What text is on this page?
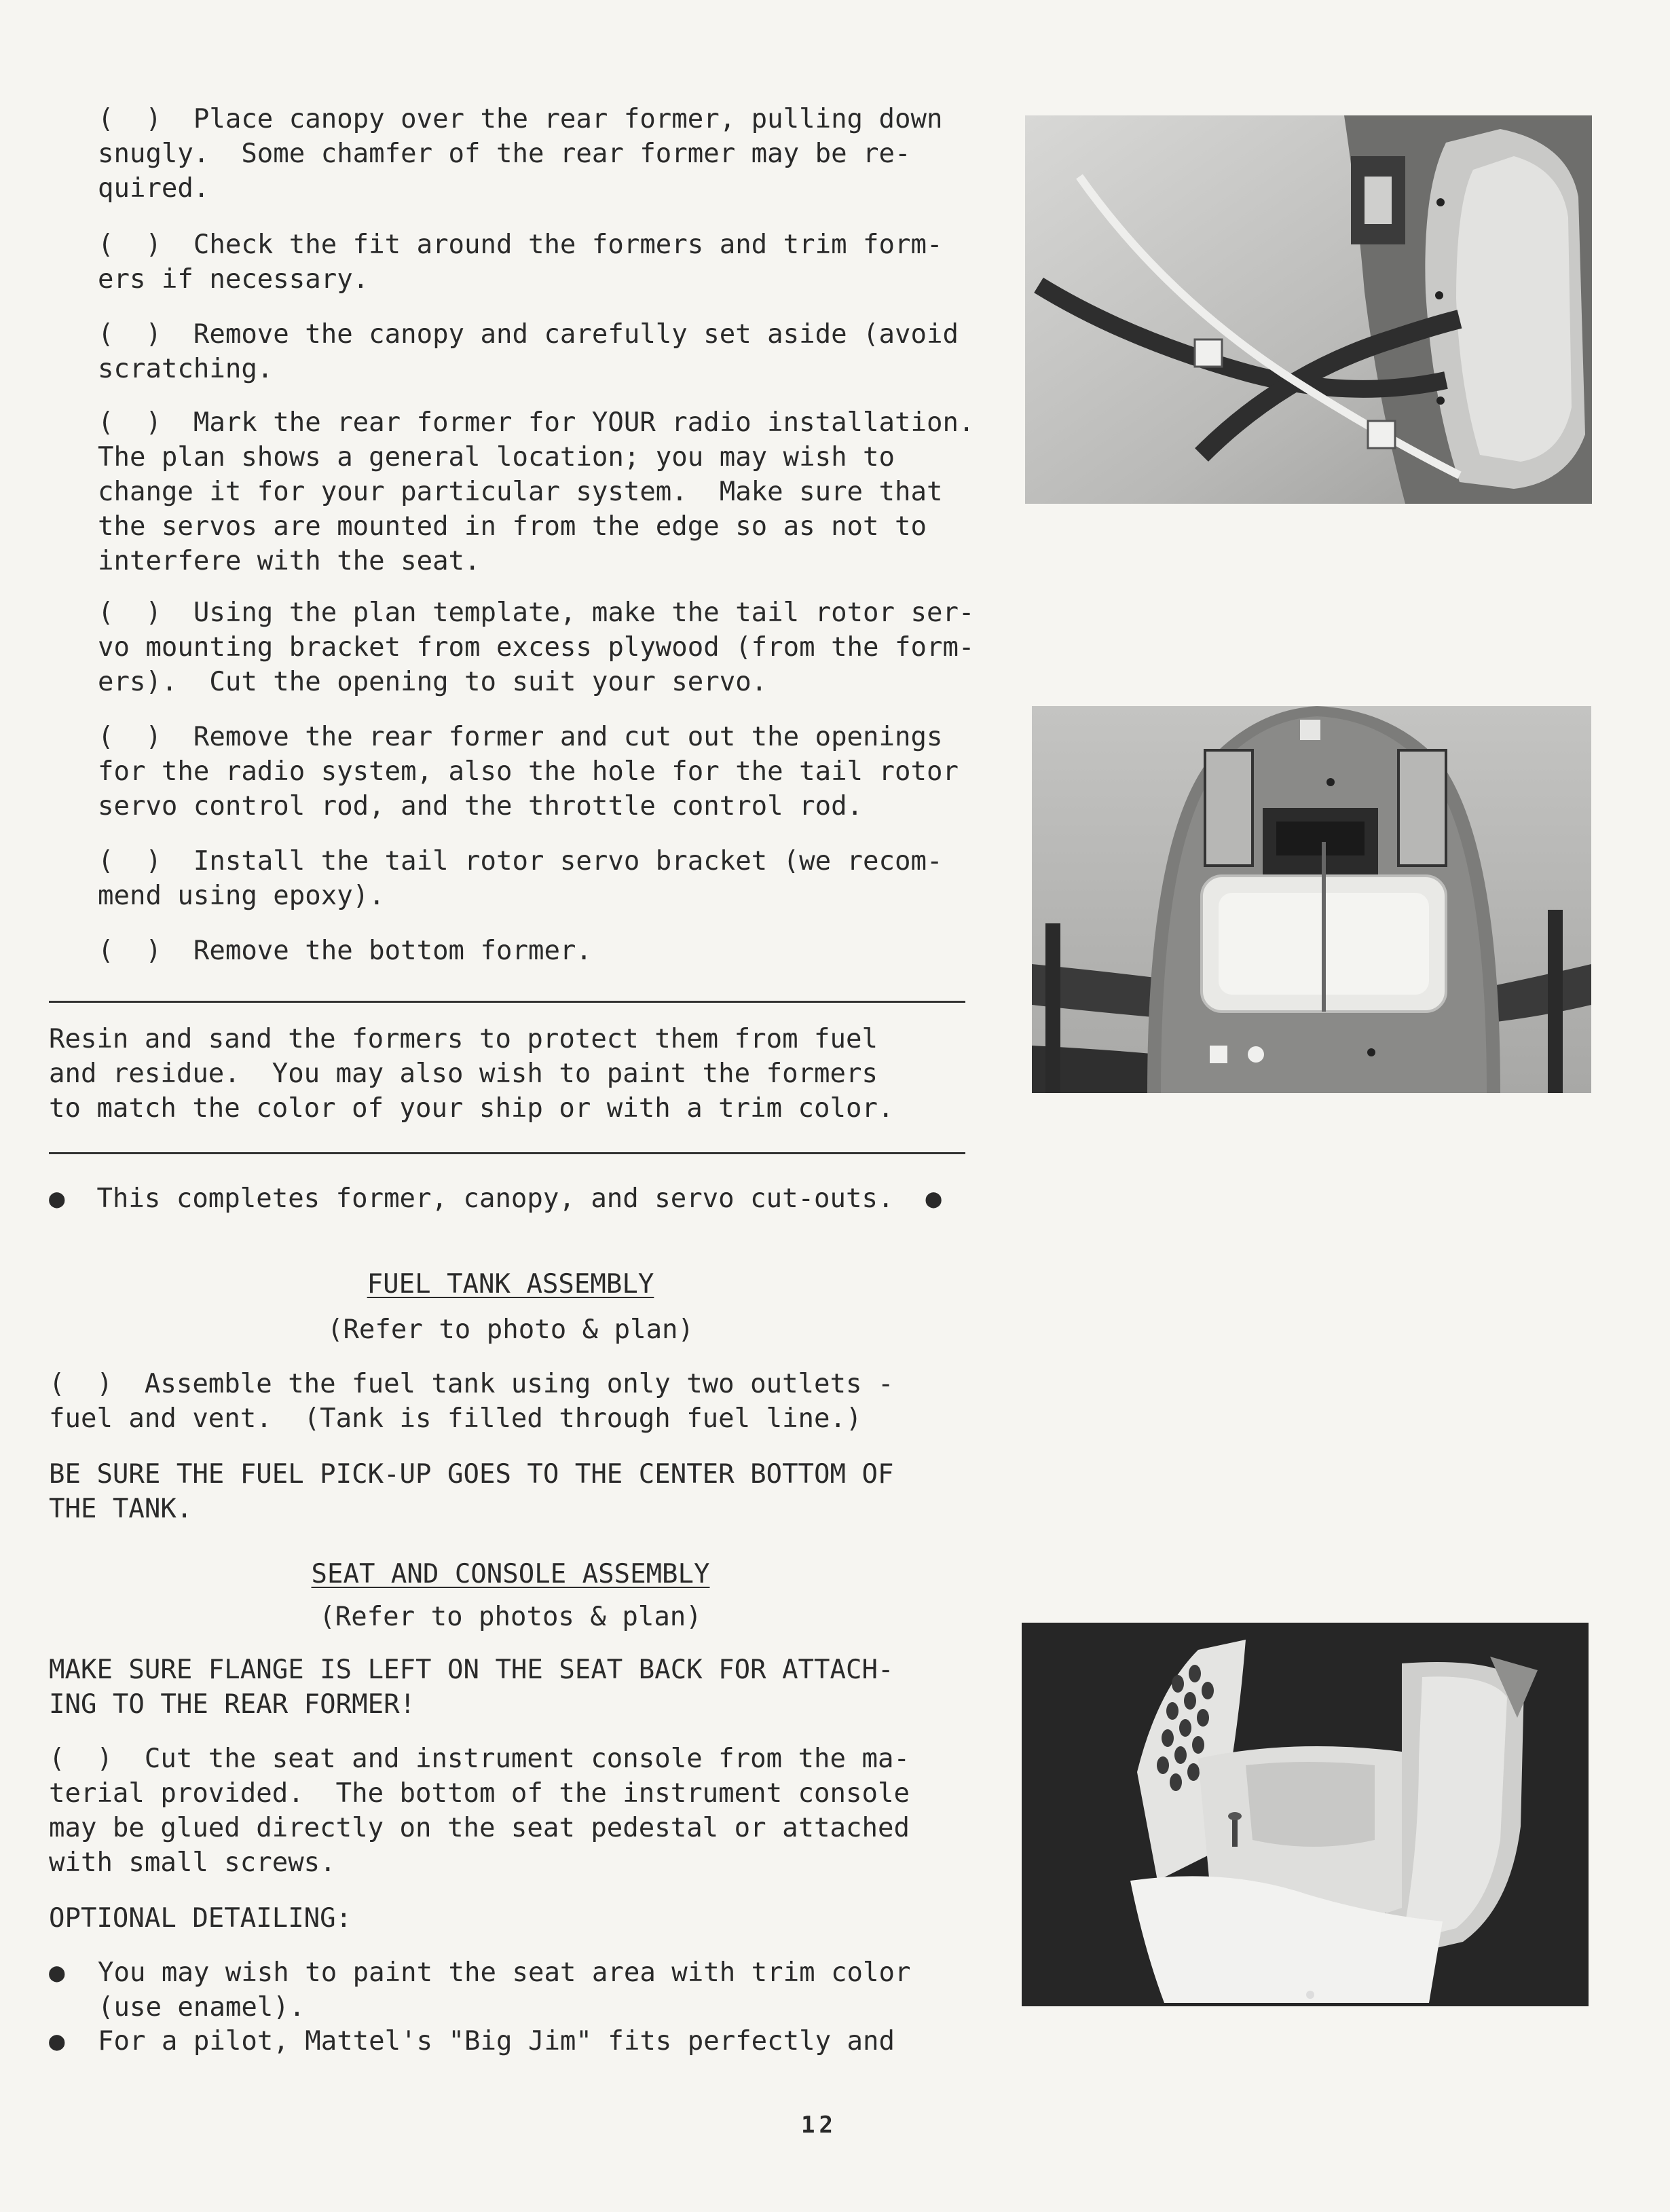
(  )  Place canopy over the rear former, pulling down
snugly.  Some chamfer of the rear former may be re-
quired.

(  )  Check the fit around the formers and trim form-
ers if necessary.

(  )  Remove the canopy and carefully set aside (avoid
scratching.

(  )  Mark the rear former for YOUR radio installation.
The plan shows a general location; you may wish to
change it for your particular system.  Make sure that
the servos are mounted in from the edge so as not to
interfere with the seat.

(  )  Using the plan template, make the tail rotor ser-
vo mounting bracket from excess plywood (from the form-
ers).  Cut the opening to suit your servo.

(  )  Remove the rear former and cut out the openings
for the radio system, also the hole for the tail rotor
servo control rod, and the throttle control rod.

(  )  Install the tail rotor servo bracket (we recom-
mend using epoxy).

(  )  Remove the bottom former.

Resin and sand the formers to protect them from fuel
and residue.  You may also wish to paint the formers
to match the color of your ship or with a trim color.

●  This completes former, canopy, and servo cut-outs.  ●

FUEL TANK ASSEMBLY
(Refer to photo & plan)

(  )  Assemble the fuel tank using only two outlets -
fuel and vent.  (Tank is filled through fuel line.)

BE SURE THE FUEL PICK-UP GOES TO THE CENTER BOTTOM OF
THE TANK.

SEAT AND CONSOLE ASSEMBLY
(Refer to photos & plan)

MAKE SURE FLANGE IS LEFT ON THE SEAT BACK FOR ATTACH-
ING TO THE REAR FORMER!

(  )  Cut the seat and instrument console from the ma-
terial provided.  The bottom of the instrument console
may be glued directly on the seat pedestal or attached
with small screws.

OPTIONAL DETAILING:

●	You may wish to paint the seat area with trim color
(use enamel).
●	For a pilot, Mattel's "Big Jim" fits perfectly and
12
